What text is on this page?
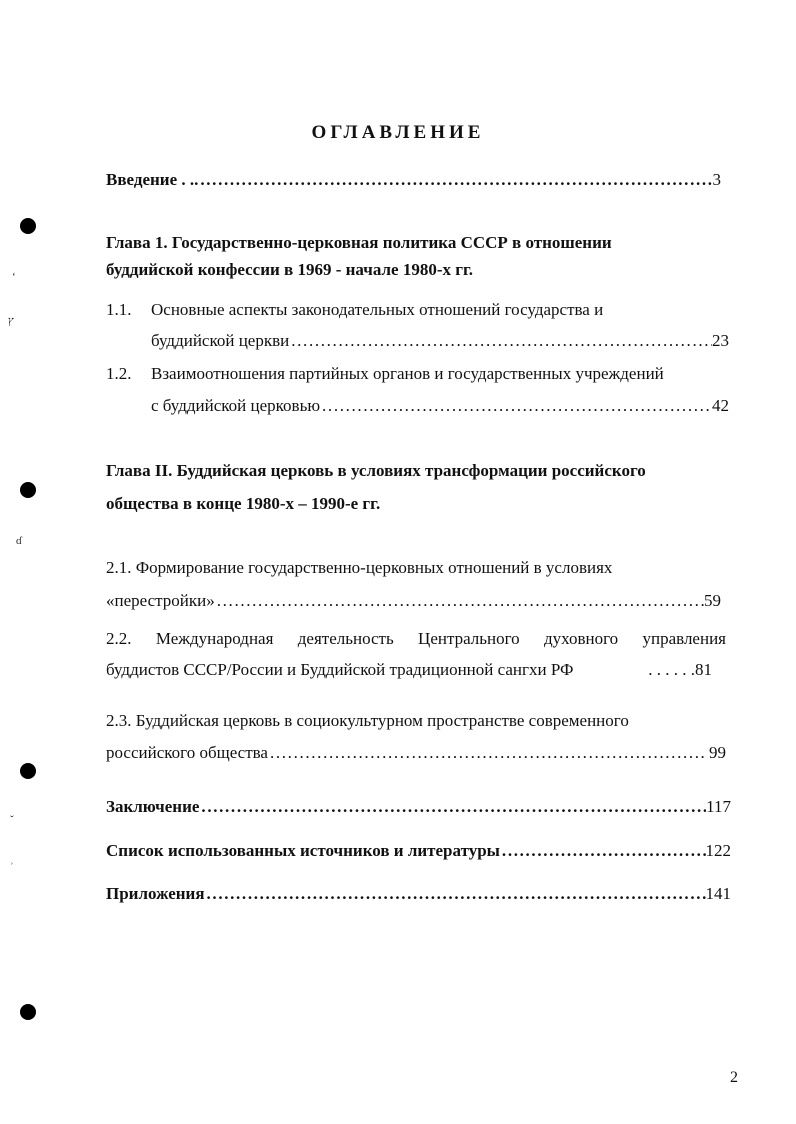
‘
ץ
ɗ
ˇ
ʾ
ОГЛАВЛЕНИЕ
Введение . .. . . .	3
Глава 1. Государственно-церковная политика СССР в отношении
буддийской конфессии в 1969 - начале 1980-х гг.
1.1. Основные аспекты законодательных отношений государства и
буддийской церкви . . .	23
1.2. Взаимоотношения партийных органов и государственных учреждений
с буддийской церковью . . .	42
Глава II. Буддийская церковь в условиях трансформации российского
общества в конце 1980-х – 1990-е гг.
2.1. Формирование государственно-церковных отношений в условиях
«перестройки» . . .	59
2.2. Международная деятельность Центрального духовного управления
буддистов СССР/России и Буддийской традиционной сангхи РФ	. . . . . .81
2.3. Буддийская церковь в социокультурном пространстве современного
российского общества . . .	. 99
Заключение . . .	117
Список использованных источников и литературы . . .	122
Приложения . . .	141
2
